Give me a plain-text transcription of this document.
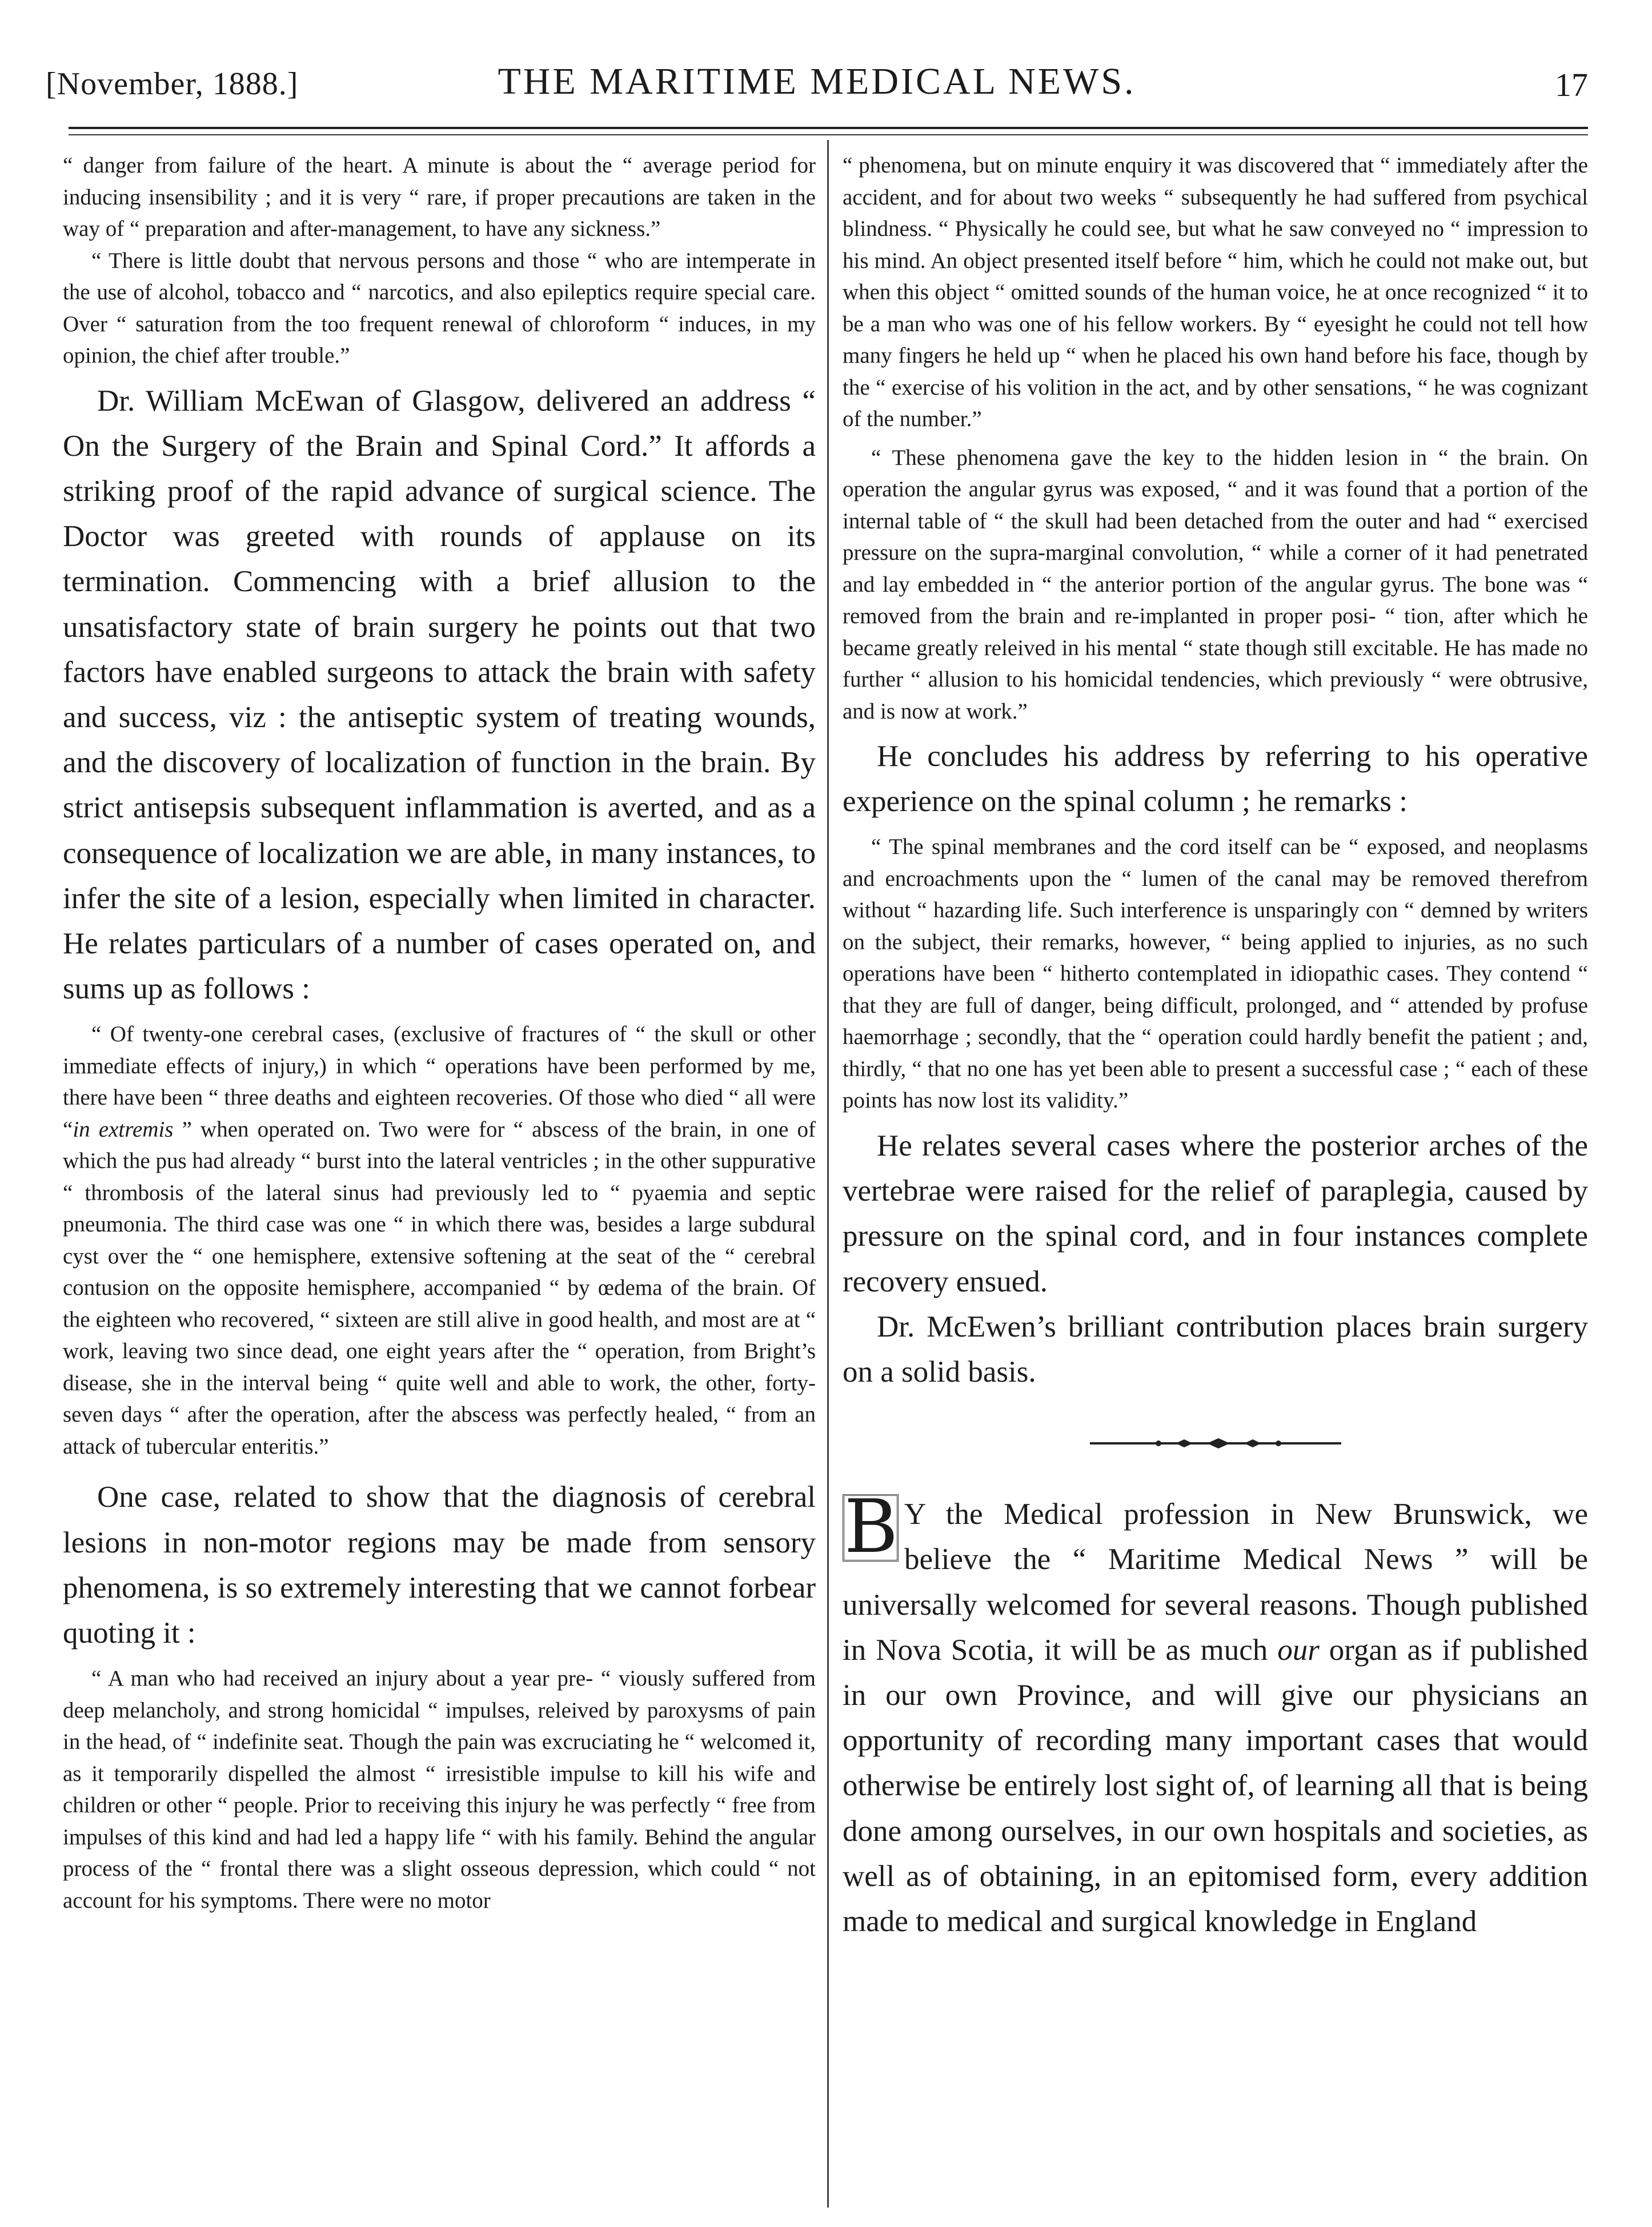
[November, 1888.]	THE MARITIME MEDICAL NEWS.	17

“ danger from failure of the heart. A minute is about the “ average period for inducing insensibility ; and it is very “ rare, if proper precautions are taken in the way of “ preparation and after-management, to have any sickness.”

“ There is little doubt that nervous persons and those “ who are intemperate in the use of alcohol, tobacco and “ narcotics, and also epileptics require special care. Over “ saturation from the too frequent renewal of chloroform “ induces, in my opinion, the chief after trouble.”

Dr. William McEwan of Glasgow, delivered an address “ On the Surgery of the Brain and Spinal Cord.” It affords a striking proof of the rapid advance of surgical science. The Doctor was greeted with rounds of applause on its termination. Commencing with a brief allusion to the unsatisfactory state of brain surgery he points out that two factors have enabled surgeons to attack the brain with safety and success, viz : the antiseptic system of treating wounds, and the discovery of localization of function in the brain. By strict antisepsis subsequent inflammation is averted, and as a consequence of localization we are able, in many instances, to infer the site of a lesion, especially when limited in character. He relates particulars of a number of cases operated on, and sums up as follows :

“ Of twenty-one cerebral cases, (exclusive of fractures of “ the skull or other immediate effects of injury,) in which “ operations have been performed by me, there have been “ three deaths and eighteen recoveries. Of those who died “ all were “in extremis ” when operated on. Two were for “ abscess of the brain, in one of which the pus had already “ burst into the lateral ventricles ; in the other suppurative “ thrombosis of the lateral sinus had previously led to “ pyaemia and septic pneumonia. The third case was one “ in which there was, besides a large subdural cyst over the “ one hemisphere, extensive softening at the seat of the “ cerebral contusion on the opposite hemisphere, accompanied “ by œdema of the brain. Of the eighteen who recovered, “ sixteen are still alive in good health, and most are at “ work, leaving two since dead, one eight years after the “ operation, from Bright’s disease, she in the interval being “ quite well and able to work, the other, forty-seven days “ after the operation, after the abscess was perfectly healed, “ from an attack of tubercular enteritis.”

One case, related to show that the diagnosis of cerebral lesions in non-motor regions may be made from sensory phenomena, is so extremely interesting that we cannot forbear quoting it :

“ A man who had received an injury about a year pre- “ viously suffered from deep melancholy, and strong homicidal “ impulses, releived by paroxysms of pain in the head, of “ indefinite seat. Though the pain was excruciating he “ welcomed it, as it temporarily dispelled the almost “ irresistible impulse to kill his wife and children or other “ people. Prior to receiving this injury he was perfectly “ free from impulses of this kind and had led a happy life “ with his family. Behind the angular process of the “ frontal there was a slight osseous depression, which could “ not account for his symptoms. There were no motor

“ phenomena, but on minute enquiry it was discovered that “ immediately after the accident, and for about two weeks “ subsequently he had suffered from psychical blindness. “ Physically he could see, but what he saw conveyed no “ impression to his mind. An object presented itself before “ him, which he could not make out, but when this object “ omitted sounds of the human voice, he at once recognized “ it to be a man who was one of his fellow workers. By “ eyesight he could not tell how many fingers he held up “ when he placed his own hand before his face, though by the “ exercise of his volition in the act, and by other sensations, “ he was cognizant of the number.”

“ These phenomena gave the key to the hidden lesion in “ the brain. On operation the angular gyrus was exposed, “ and it was found that a portion of the internal table of “ the skull had been detached from the outer and had “ exercised pressure on the supra-marginal convolution, “ while a corner of it had penetrated and lay embedded in “ the anterior portion of the angular gyrus. The bone was “ removed from the brain and re-implanted in proper posi- “ tion, after which he became greatly releived in his mental “ state though still excitable. He has made no further “ allusion to his homicidal tendencies, which previously “ were obtrusive, and is now at work.”

He concludes his address by referring to his operative experience on the spinal column ; he remarks :

“ The spinal membranes and the cord itself can be “ exposed, and neoplasms and encroachments upon the “ lumen of the canal may be removed therefrom without “ hazarding life. Such interference is unsparingly con “ demned by writers on the subject, their remarks, however, “ being applied to injuries, as no such operations have been “ hitherto contemplated in idiopathic cases. They contend “ that they are full of danger, being difficult, prolonged, and “ attended by profuse haemorrhage ; secondly, that the “ operation could hardly benefit the patient ; and, thirdly, “ that no one has yet been able to present a successful case ; “ each of these points has now lost its validity.”

He relates several cases where the posterior arches of the vertebrae were raised for the relief of paraplegia, caused by pressure on the spinal cord, and in four instances complete recovery ensued.

Dr. McEwen’s brilliant contribution places brain surgery on a solid basis.

B Y the Medical profession in New Brunswick, we believe the “ Maritime Medical News ” will be universally welcomed for several reasons. Though published in Nova Scotia, it will be as much our organ as if published in our own Province, and will give our physicians an opportunity of recording many important cases that would otherwise be entirely lost sight of, of learning all that is being done among ourselves, in our own hospitals and societies, as well as of obtaining, in an epitomised form, every addition made to medical and surgical knowledge in England
